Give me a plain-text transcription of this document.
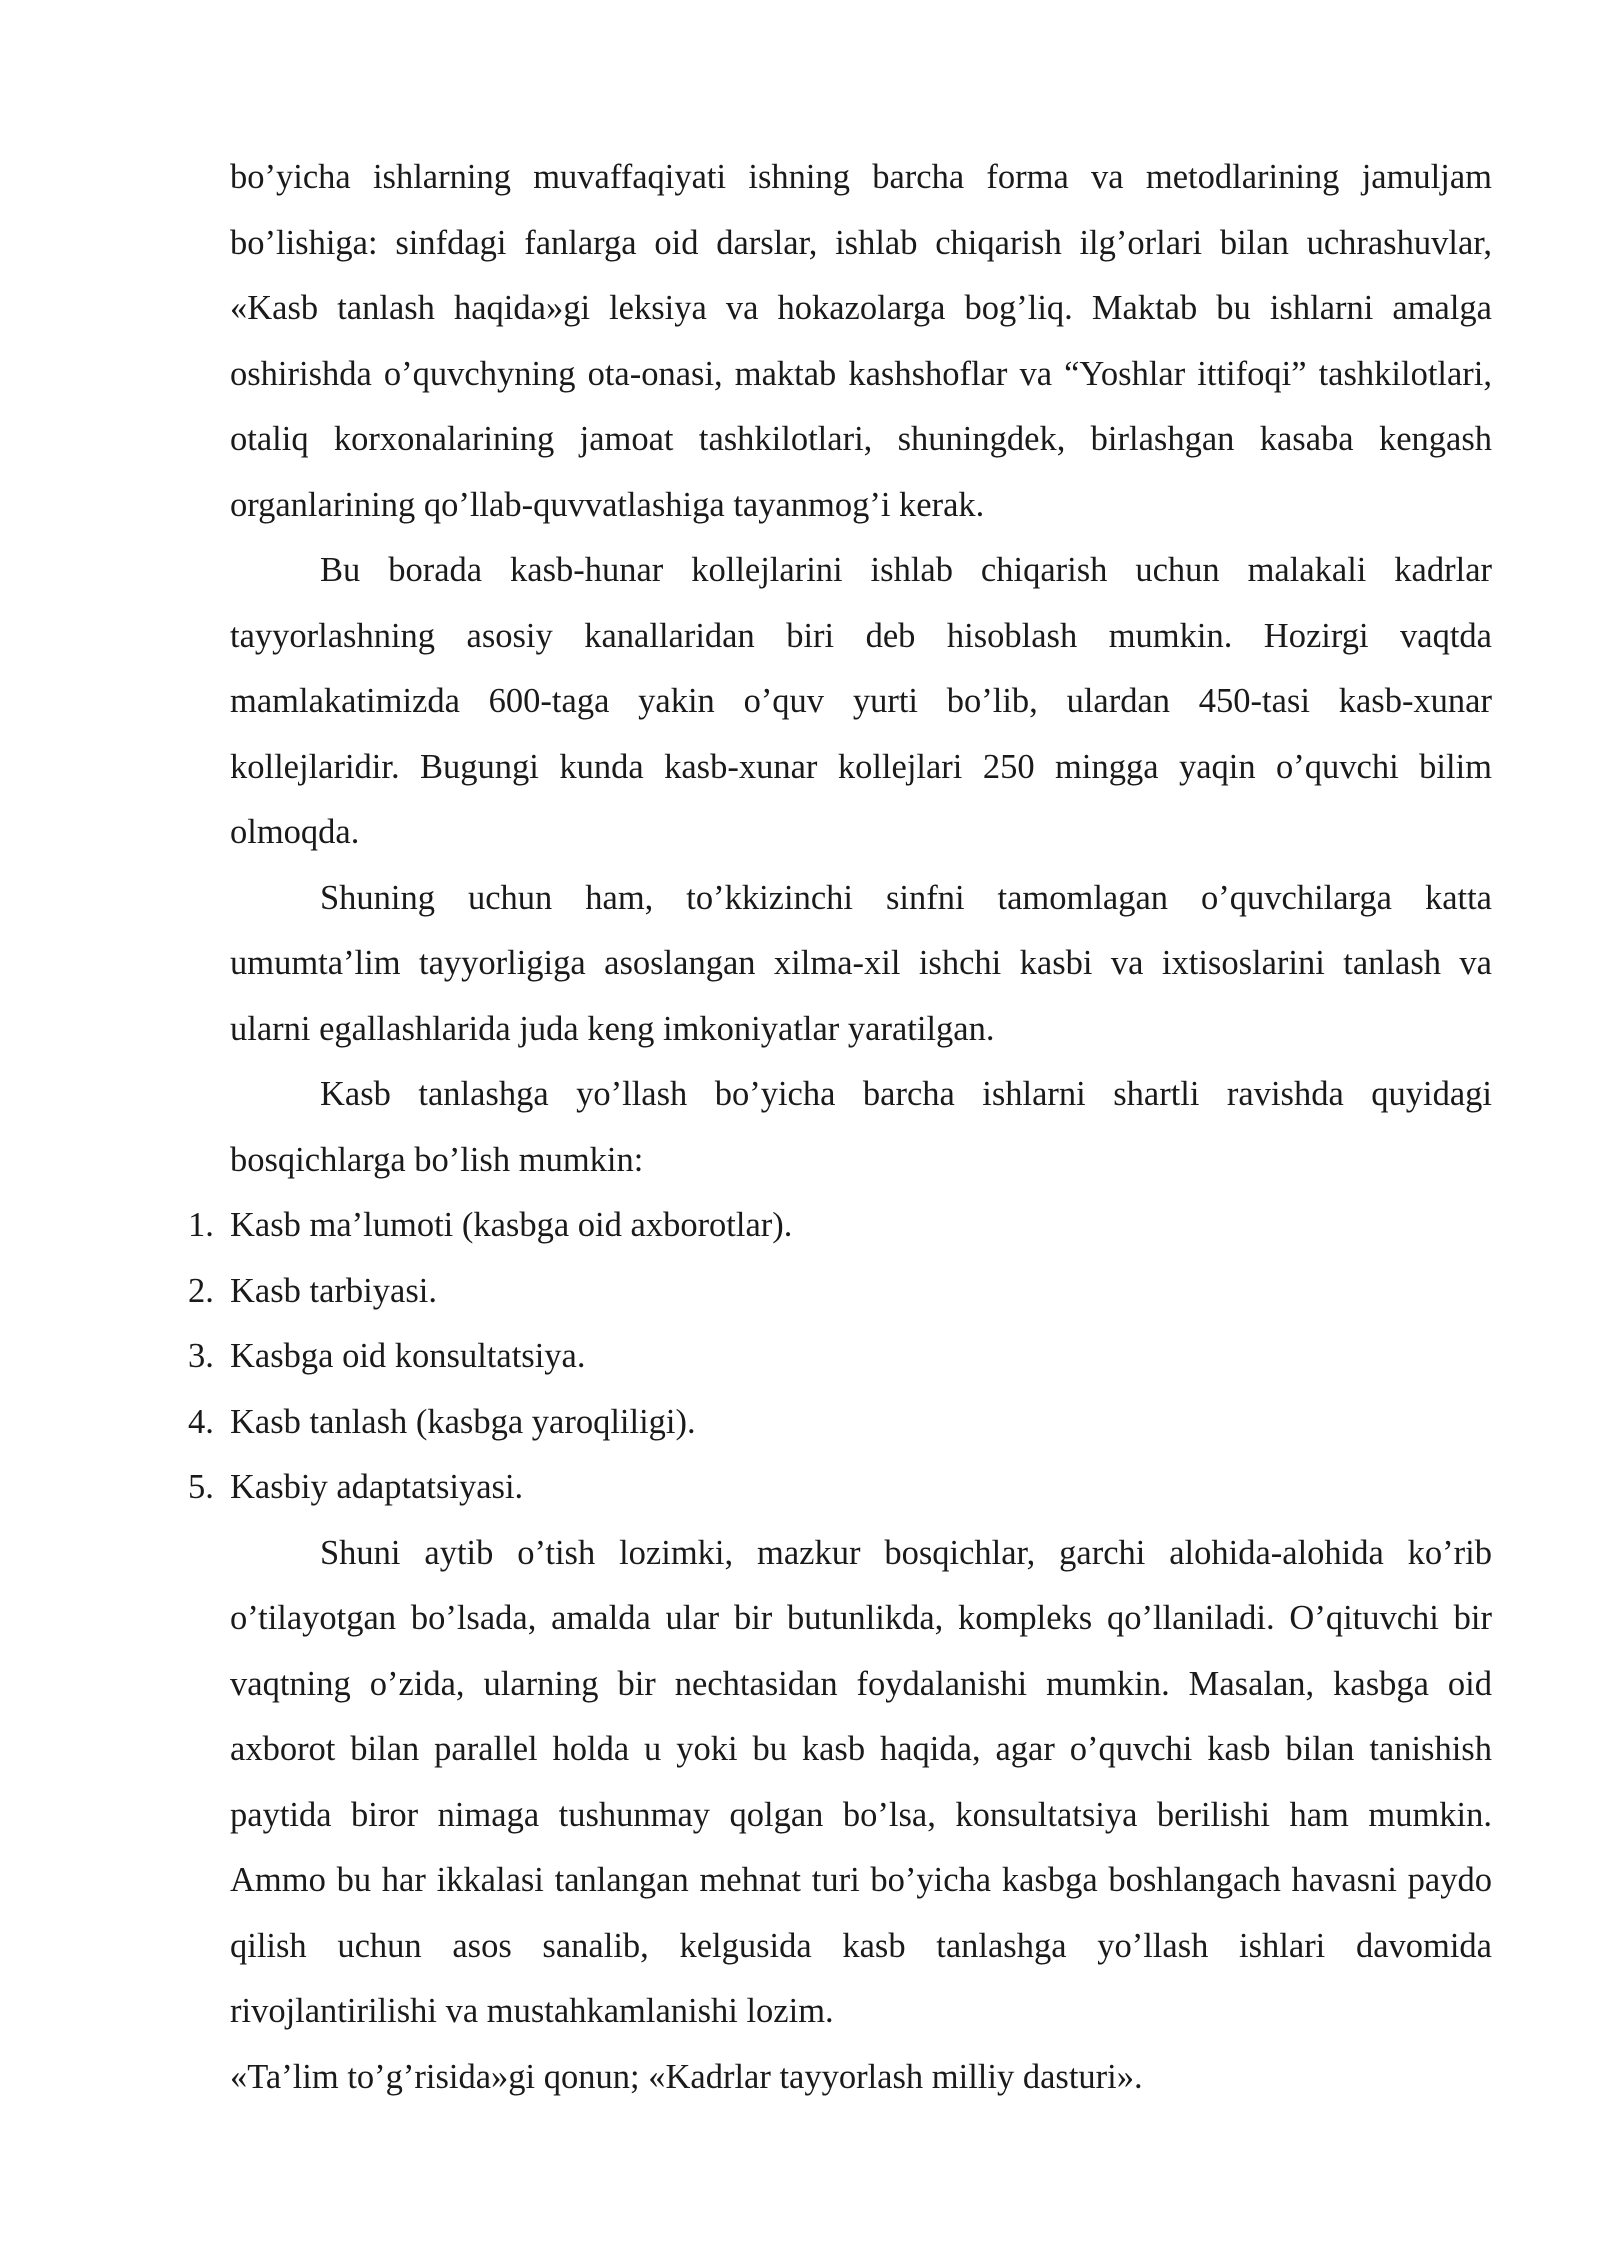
bo’yicha ishlarning muvaffaqiyati ishning barcha forma va metodlarining jamuljam bo’lishiga: sinfdagi fanlarga oid darslar, ishlab chiqarish ilg’orlari bilan uchrashuvlar, «Kasb tanlash haqida»gi leksiya va hokazolarga bog’liq. Maktab bu ishlarni amalga oshirishda o’quvchyning ota-onasi, maktab kashshoflar va “Yoshlar ittifoqi” tashkilotlari, otaliq korxonalarining jamoat tashkilotlari, shuningdek, birlashgan kasaba kengash organlarining qo’llab-quvvatlashiga tayanmog’i kerak.

Bu borada kasb-hunar kollejlarini ishlab chiqarish uchun malakali kadrlar tayyorlashning asosiy kanallaridan biri deb hisoblash mumkin. Hozirgi vaqtda mamlakatimizda 600-taga yakin o’quv yurti bo’lib, ulardan 450-tasi kasb-xunar kollejlaridir. Bugungi kunda kasb-xunar kollejlari 250 mingga yaqin o’quvchi bilim olmoqda.

Shuning uchun ham, to’kkizinchi sinfni tamomlagan o’quvchilarga katta umumta’lim tayyorligiga asoslangan xilma-xil ishchi kasbi va ixtisoslarini tanlash va ularni egallashlarida juda keng imkoniyatlar yaratilgan.

Kasb tanlashga yo’llash bo’yicha barcha ishlarni shartli ravishda quyidagi bosqichlarga bo’lish mumkin:

1. Kasb ma’lumoti (kasbga oid axborotlar).
2. Kasb tarbiyasi.
3. Kasbga oid konsultatsiya.
4. Kasb tanlash (kasbga yaroqliligi).
5. Kasbiy adaptatsiyasi.

Shuni aytib o’tish lozimki, mazkur bosqichlar, garchi alohida-alohida ko’rib o’tilayotgan bo’lsada, amalda ular bir butunlikda, kompleks qo’llaniladi. O’qituvchi bir vaqtning o’zida, ularning bir nechtasidan foydalanishi mumkin. Masalan, kasbga oid axborot bilan parallel holda u yoki bu kasb haqida, agar o’quvchi kasb bilan tanishish paytida biror nimaga tushunmay qolgan bo’lsa, konsultatsiya berilishi ham mumkin. Ammo bu har ikkalasi tanlangan mehnat turi bo’yicha kasbga boshlangach havasni paydo qilish uchun asos sanalib, kelgusida kasb tanlashga yo’llash ishlari davomida rivojlantirilishi va mustahkamlanishi lozim.

«Ta’lim to’g’risida»gi qonun; «Kadrlar tayyorlash milliy dasturi».
